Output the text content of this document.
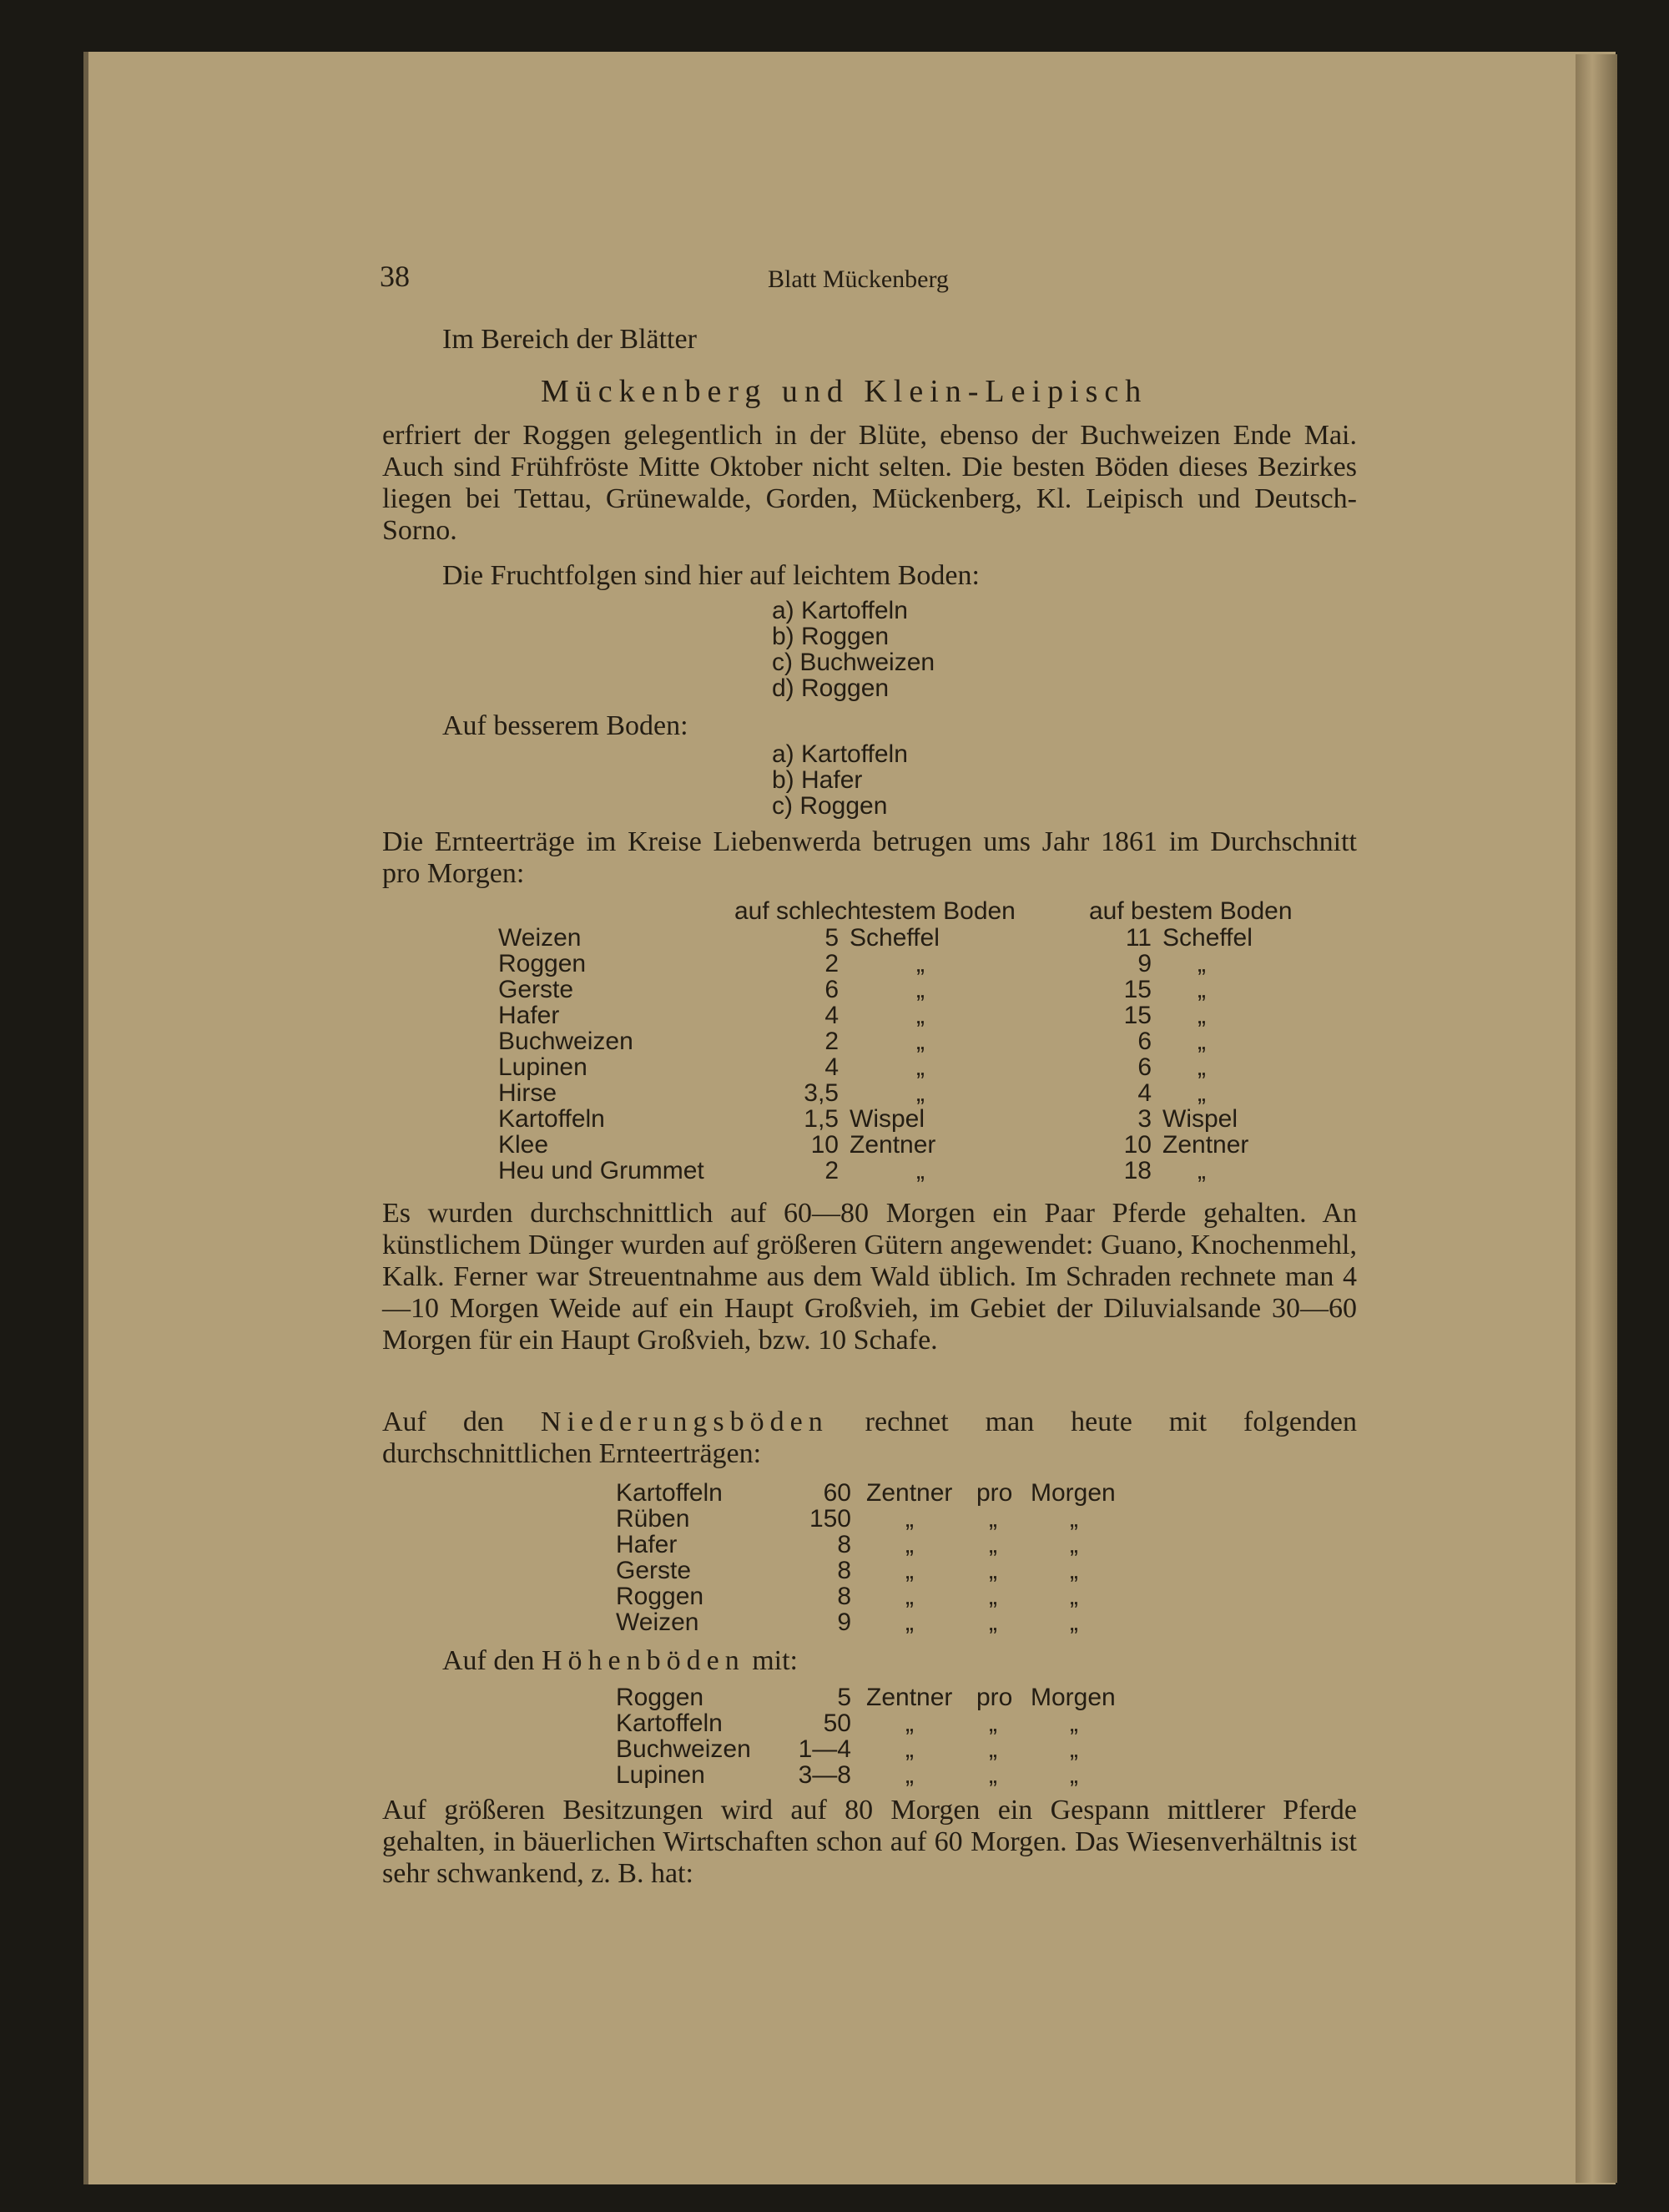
38	Blatt Mückenberg
Im Bereich der Blätter
Mückenberg und Klein-Leipisch
erfriert der Roggen gelegentlich in der Blüte, ebenso der Buchweizen Ende Mai. Auch sind Frühfröste Mitte Oktober nicht selten. Die besten Böden dieses Bezirkes liegen bei Tettau, Grünewalde, Gorden, Mückenberg, Kl. Leipisch und Deutsch-Sorno.
Die Fruchtfolgen sind hier auf leichtem Boden:
a) Kartoffeln
b) Roggen
c) Buchweizen
d) Roggen
Auf besserem Boden:
a) Kartoffeln
b) Hafer
c) Roggen
Die Ernteerträge im Kreise Liebenwerda betrugen ums Jahr 1861 im Durchschnitt pro Morgen:
auf schlechtestem Boden	auf bestem Boden
Weizen	5 Scheffel	11 Scheffel
Roggen	2	„	9 „
Gerste	6	„	15 „
Hafer	4	„	15 „
Buchweizen	2	„	6 „
Lupinen	4	„	6 „
Hirse	3,5	„	4 „
Kartoffeln	1,5 Wispel	3 Wispel
Klee	10 Zentner	10 Zentner
Heu und Grummet	2	„	18 „
Es wurden durchschnittlich auf 60—80 Morgen ein Paar Pferde gehalten. An künstlichem Dünger wurden auf größeren Gütern angewendet: Guano, Knochenmehl, Kalk. Ferner war Streuentnahme aus dem Wald üblich. Im Schraden rechnete man 4—10 Morgen Weide auf ein Haupt Großvieh, im Gebiet der Diluvialsande 30—60 Morgen für ein Haupt Großvieh, bzw. 10 Schafe.
Auf den Niederungsböden rechnet man heute mit folgenden durchschnittlichen Ernteerträgen:
Kartoffeln	60 Zentner pro Morgen
Rüben	150 „	„	„
Hafer	8 „	„	„
Gerste	8 „	„	„
Roggen	8 „	„	„
Weizen	9 „	„	„
Auf den Höhenböden mit:
Roggen	5 Zentner pro Morgen
Kartoffeln	50 „	„	„
Buchweizen	1—4 „	„	„
Lupinen	3—8 „	„	„
Auf größeren Besitzungen wird auf 80 Morgen ein Gespann mittlerer Pferde gehalten, in bäuerlichen Wirtschaften schon auf 60 Morgen. Das Wiesenverhältnis ist sehr schwankend, z. B. hat:
